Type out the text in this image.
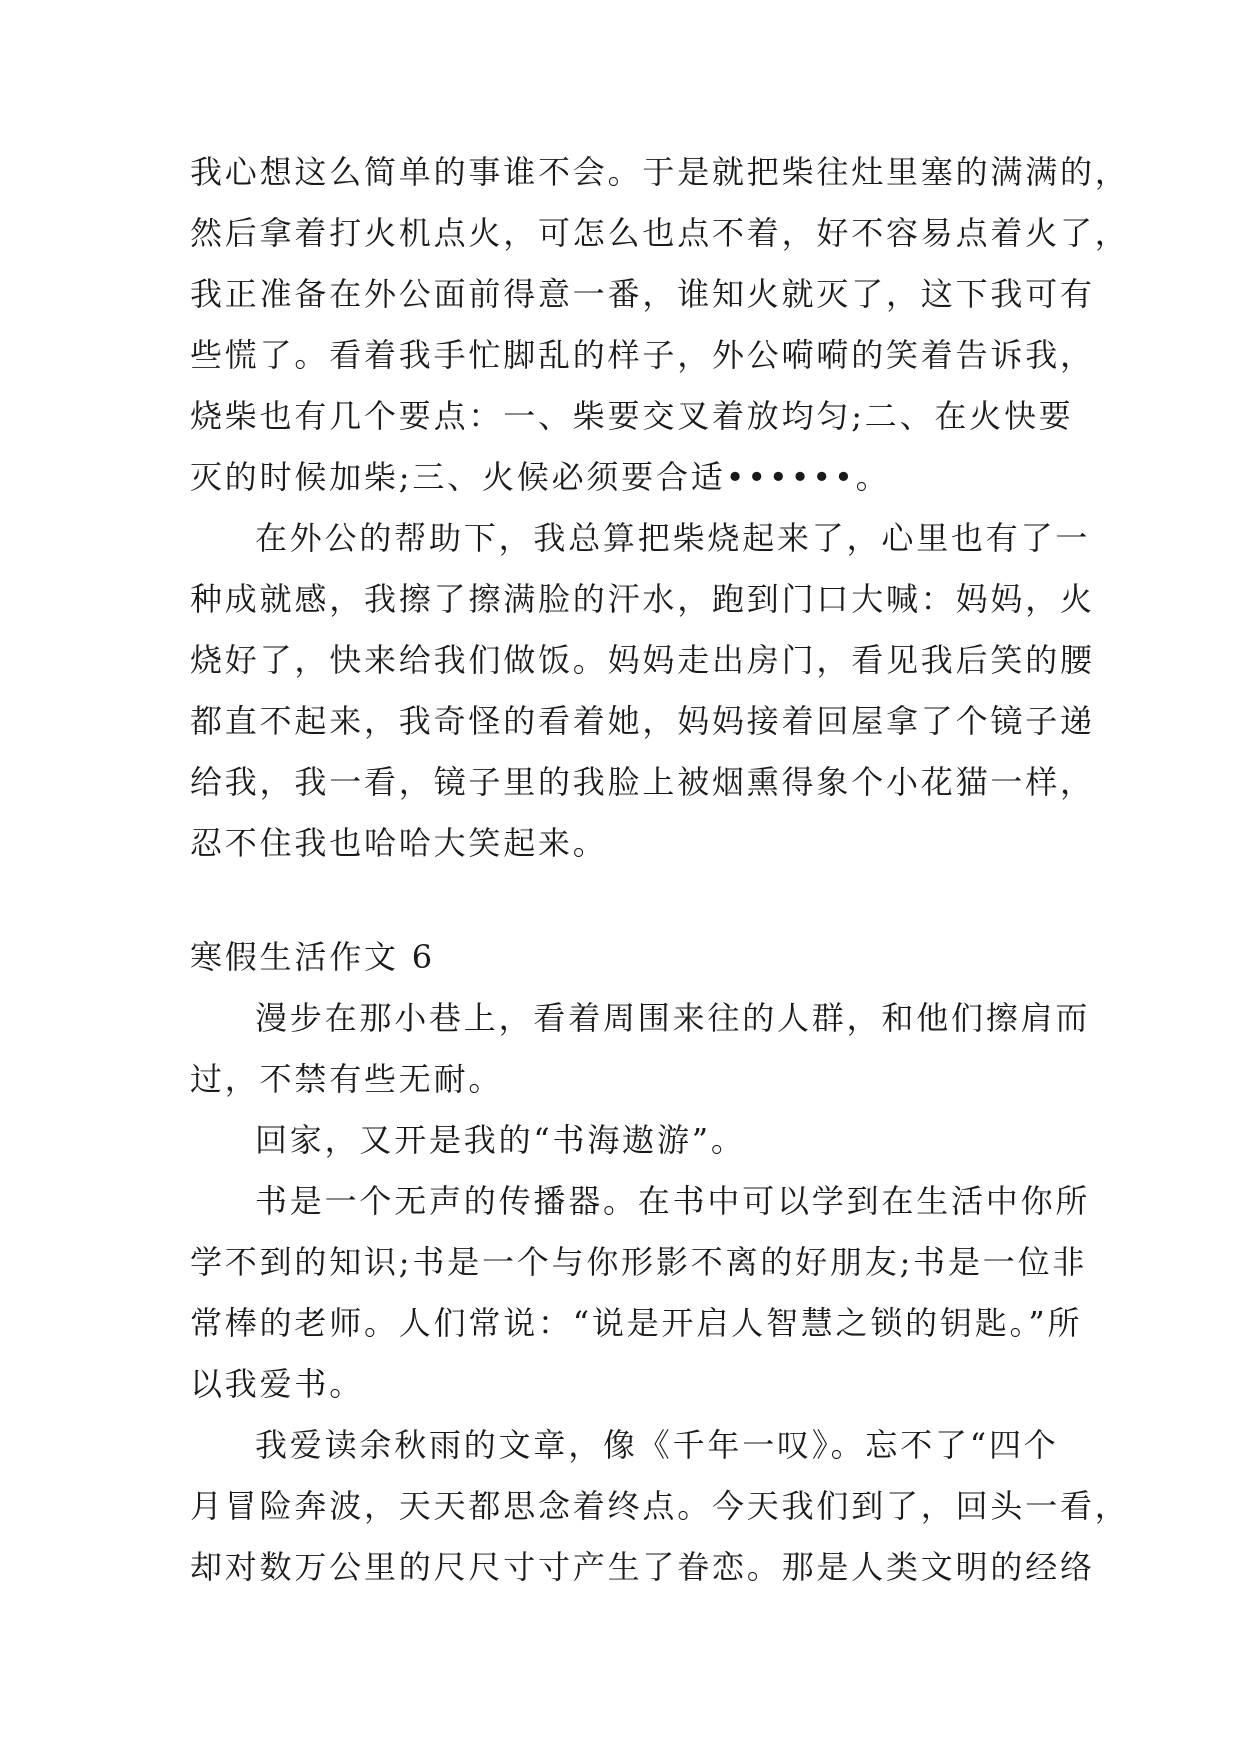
我心想这么简单的事谁不会。于是就把柴往灶里塞的满满的，
然后拿着打火机点火，可怎么也点不着，好不容易点着火了，
我正准备在外公面前得意一番，谁知火就灭了，这下我可有
些慌了。看着我手忙脚乱的样子，外公嗬嗬的笑着告诉我，
烧柴也有几个要点：一、柴要交叉着放均匀;二、在火快要
灭的时候加柴;三、火候必须要合适••••••。
在外公的帮助下，我总算把柴烧起来了，心里也有了一
种成就感，我擦了擦满脸的汗水，跑到门口大喊：妈妈，火
烧好了，快来给我们做饭。妈妈走出房门，看见我后笑的腰
都直不起来，我奇怪的看着她，妈妈接着回屋拿了个镜子递
给我，我一看，镜子里的我脸上被烟熏得象个小花猫一样，
忍不住我也哈哈大笑起来。
寒假生活作文 6
漫步在那小巷上，看着周围来往的人群，和他们擦肩而
过，不禁有些无耐。
回家，又开是我的“书海遨游”。
书是一个无声的传播器。在书中可以学到在生活中你所
学不到的知识;书是一个与你形影不离的好朋友;书是一位非
常棒的老师。人们常说：“说是开启人智慧之锁的钥匙。”所
以我爱书。
我爱读余秋雨的文章，像《千年一叹》。忘不了“四个
月冒险奔波，天天都思念着终点。今天我们到了，回头一看，
却对数万公里的尺尺寸寸产生了眷恋。那是人类文明的经络
